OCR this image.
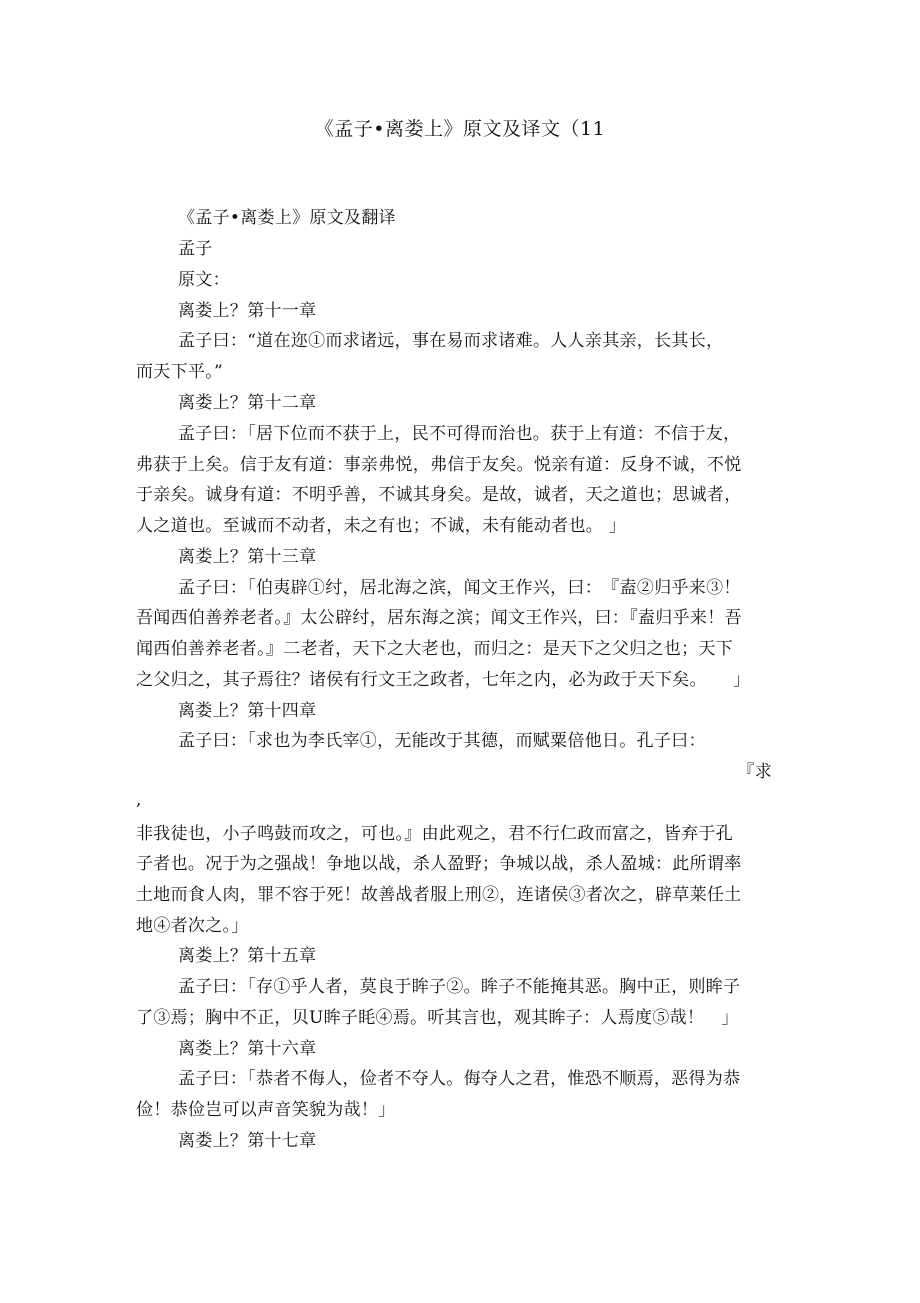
《孟子•离娄上》原文及译文（11
《孟子•离娄上》原文及翻译
孟子
原文：
离娄上？第十一章
孟子曰：“道在迩①而求诸远，事在易而求诸难。人人亲其亲，长其长，
而天下平。”
离娄上？第十二章
孟子曰：「居下位而不获于上，民不可得而治也。获于上有道：不信于友，
弗获于上矣。信于友有道：事亲弗悦，弗信于友矣。悦亲有道：反身不诚，不悦
于亲矣。诚身有道：不明乎善，不诚其身矣。是故，诚者，天之道也；思诚者，
人之道也。至诚而不动者，未之有也；不诚，未有能动者也。 」
离娄上？第十三章
孟子曰：「伯夷辟①纣，居北海之滨，闻文王作兴，曰：　『盍②归乎来③！
吾闻西伯善养老者。』太公辟纣，居东海之滨；闻文王作兴，曰：『盍归乎来！吾
闻西伯善养老者。』二老者，天下之大老也，而归之：是天下之父归之也；天下
之父归之，其子焉往？诸侯有行文王之政者，七年之内，必为政于天下矣。　　」
离娄上？第十四章
孟子曰：「求也为李氏宰①，无能改于其德，而赋粟倍他日。孔子曰：
『求
,
非我徒也，小子鸣鼓而攻之，可也。』由此观之，君不行仁政而富之，皆弃于孔
子者也。况于为之强战！争地以战，杀人盈野；争城以战，杀人盈城：此所谓率
土地而食人肉，罪不容于死！故善战者服上刑②，连诸侯③者次之，辟草莱任土
地④者次之。」
离娄上？第十五章
孟子曰：「存①乎人者，莫良于眸子②。眸子不能掩其恶。胸中正，则眸子
了③焉；胸中不正，贝U眸子眊④焉。听其言也，观其眸子：人焉度⑤哉！　」
离娄上？第十六章
孟子曰：「恭者不侮人，俭者不夺人。侮夺人之君，惟恐不顺焉，恶得为恭
俭！恭俭岂可以声音笑貌为哉！」
离娄上？第十七章
